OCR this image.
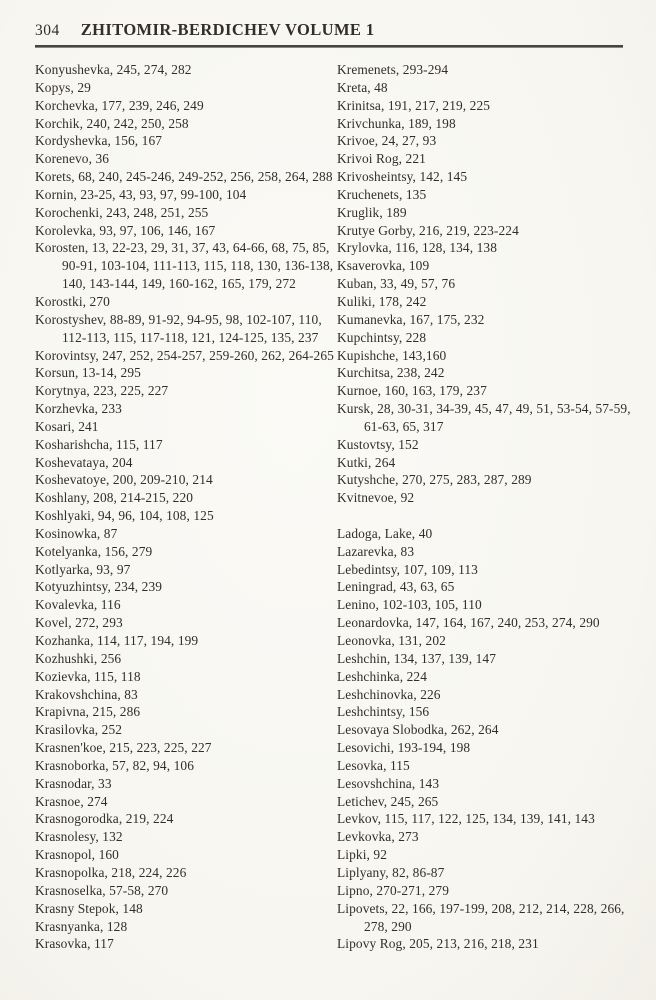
304 ZHITOMIR-BERDICHEV VOLUME 1
Konyushevka, 245, 274, 282
Kopys, 29
Korchevka, 177, 239, 246, 249
Korchik, 240, 242, 250, 258
Kordyshevka, 156, 167
Korenevo, 36
Korets, 68, 240, 245-246, 249-252, 256, 258, 264, 288
Kornin, 23-25, 43, 93, 97, 99-100, 104
Korochenki, 243, 248, 251, 255
Korolevka, 93, 97, 106, 146, 167
Korosten, 13, 22-23, 29, 31, 37, 43, 64-66, 68, 75, 85, 90-91, 103-104, 111-113, 115, 118, 130, 136-138, 140, 143-144, 149, 160-162, 165, 179, 272
Korostki, 270
Korostyshev, 88-89, 91-92, 94-95, 98, 102-107, 110, 112-113, 115, 117-118, 121, 124-125, 135, 237
Korovintsy, 247, 252, 254-257, 259-260, 262, 264-265
Korsun, 13-14, 295
Korytnya, 223, 225, 227
Korzhevka, 233
Kosari, 241
Kosharishcha, 115, 117
Koshevataya, 204
Koshevatoye, 200, 209-210, 214
Koshlany, 208, 214-215, 220
Koshlyaki, 94, 96, 104, 108, 125
Kosinowka, 87
Kotelyanka, 156, 279
Kotlyarka, 93, 97
Kotyuzhintsy, 234, 239
Kovalevka, 116
Kovel, 272, 293
Kozhanka, 114, 117, 194, 199
Kozhushki, 256
Kozievka, 115, 118
Krakovshchina, 83
Krapivna, 215, 286
Krasilovka, 252
Krasnen'koe, 215, 223, 225, 227
Krasnoborka, 57, 82, 94, 106
Krasnodar, 33
Krasnoe, 274
Krasnogorodka, 219, 224
Krasnolesy, 132
Krasnopol, 160
Krasnopolka, 218, 224, 226
Krasnoselka, 57-58, 270
Krasny Stepok, 148
Krasnyanka, 128
Krasovka, 117
Kremenets, 293-294
Kreta, 48
Krinitsa, 191, 217, 219, 225
Krivchunka, 189, 198
Krivoe, 24, 27, 93
Krivoi Rog, 221
Krivosheintsy, 142, 145
Kruchenets, 135
Kruglik, 189
Krutye Gorby, 216, 219, 223-224
Krylovka, 116, 128, 134, 138
Ksaverovka, 109
Kuban, 33, 49, 57, 76
Kuliki, 178, 242
Kumanevka, 167, 175, 232
Kupchintsy, 228
Kupishche, 143,160
Kurchitsa, 238, 242
Kurnoe, 160, 163, 179, 237
Kursk, 28, 30-31, 34-39, 45, 47, 49, 51, 53-54, 57-59, 61-63, 65, 317
Kustovtsy, 152
Kutki, 264
Kutyshche, 270, 275, 283, 287, 289
Kvitnevoe, 92
Ladoga, Lake, 40
Lazarevka, 83
Lebedintsy, 107, 109, 113
Leningrad, 43, 63, 65
Lenino, 102-103, 105, 110
Leonardovka, 147, 164, 167, 240, 253, 274, 290
Leonovka, 131, 202
Leshchin, 134, 137, 139, 147
Leshchinka, 224
Leshchinovka, 226
Leshchintsy, 156
Lesovaya Slobodka, 262, 264
Lesovichi, 193-194, 198
Lesovka, 115
Lesovshchina, 143
Letichev, 245, 265
Levkov, 115, 117, 122, 125, 134, 139, 141, 143
Levkovka, 273
Lipki, 92
Liplyany, 82, 86-87
Lipno, 270-271, 279
Lipovets, 22, 166, 197-199, 208, 212, 214, 228, 266, 278, 290
Lipovy Rog, 205, 213, 216, 218, 231
